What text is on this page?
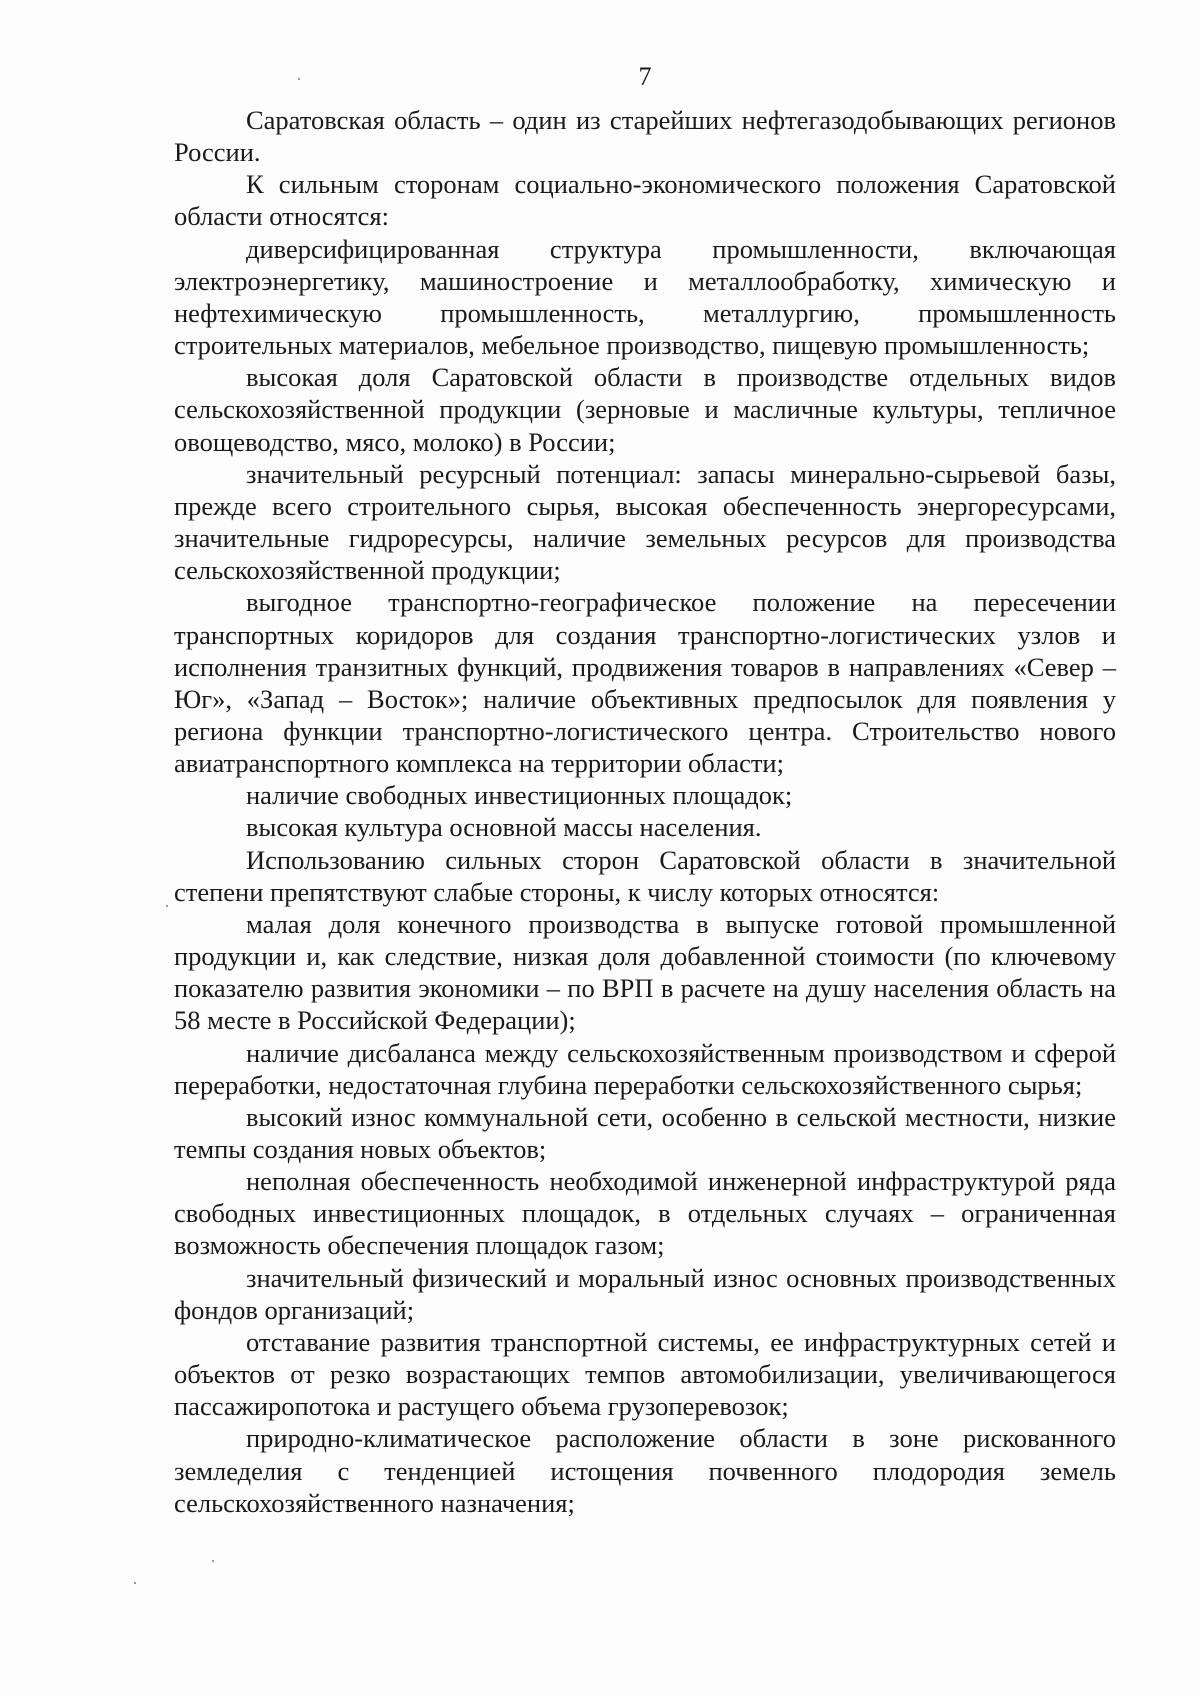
7

Саратовская область – один из старейших нефтегазодобывающих регионов России.

К сильным сторонам социально-экономического положения Саратовской области относятся:

диверсифицированная структура промышленности, включающая электроэнергетику, машиностроение и металлообработку, химическую и нефтехимическую промышленность, металлургию, промышленность строительных материалов, мебельное производство, пищевую промышленность;

высокая доля Саратовской области в производстве отдельных видов сельскохозяйственной продукции (зерновые и масличные культуры, тепличное овощеводство, мясо, молоко) в России;

значительный ресурсный потенциал: запасы минерально-сырьевой базы, прежде всего строительного сырья, высокая обеспеченность энергоресурсами, значительные гидроресурсы, наличие земельных ресурсов для производства сельскохозяйственной продукции;

выгодное транспортно-географическое положение на пересечении транспортных коридоров для создания транспортно-логистических узлов и исполнения транзитных функций, продвижения товаров в направлениях «Север – Юг», «Запад – Восток»; наличие объективных предпосылок для появления у региона функции транспортно-логистического центра. Строительство нового авиатранспортного комплекса на территории области;

наличие свободных инвестиционных площадок;

высокая культура основной массы населения.

Использованию сильных сторон Саратовской области в значительной степени препятствуют слабые стороны, к числу которых относятся:

малая доля конечного производства в выпуске готовой промышленной продукции и, как следствие, низкая доля добавленной стоимости (по ключевому показателю развития экономики – по ВРП в расчете на душу населения область на 58 месте в Российской Федерации);

наличие дисбаланса между сельскохозяйственным производством и сферой переработки, недостаточная глубина переработки сельскохозяйственного сырья;

высокий износ коммунальной сети, особенно в сельской местности, низкие темпы создания новых объектов;

неполная обеспеченность необходимой инженерной инфраструктурой ряда свободных инвестиционных площадок, в отдельных случаях – ограниченная возможность обеспечения площадок газом;

значительный физический и моральный износ основных производственных фондов организаций;

отставание развития транспортной системы, ее инфраструктурных сетей и объектов от резко возрастающих темпов автомобилизации, увеличивающегося пассажиропотока и растущего объема грузоперевозок;

природно-климатическое расположение области в зоне рискованного земледелия с тенденцией истощения почвенного плодородия земель сельскохозяйственного назначения;
